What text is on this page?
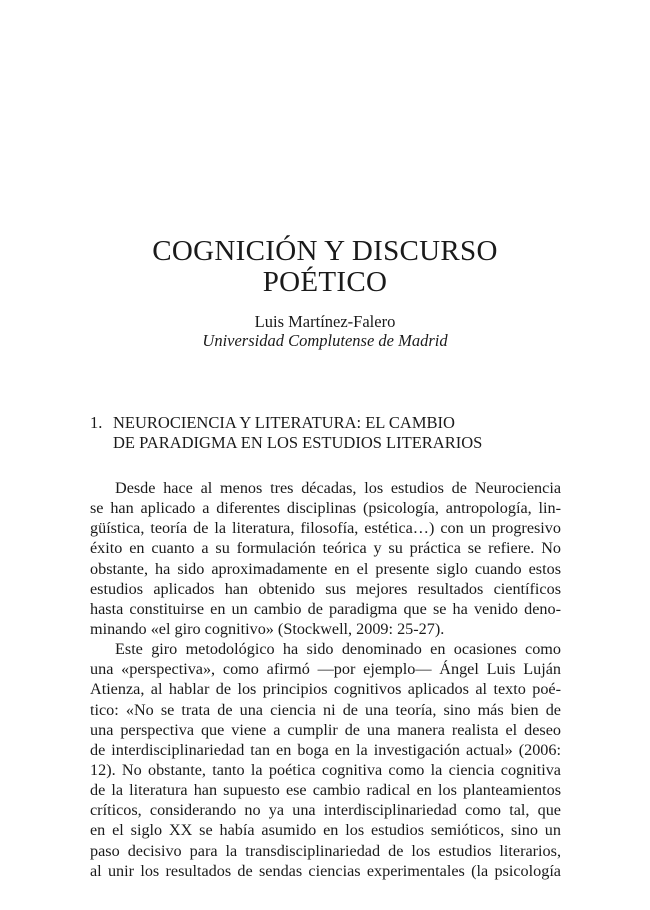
COGNICIÓN Y DISCURSO
POÉTICO

Luis Martínez-Falero

Universidad Complutense de Madrid

1. NEUROCIENCIA Y LITERATURA: EL CAMBIO
DE PARADIGMA EN LOS ESTUDIOS LITERARIOS
Desde hace al menos tres décadas, los estudios de Neurociencia
se han aplicado a diferentes disciplinas (psicología, antropología, lin-
güística, teoría de la literatura, filosofía, estética…) con un progresivo
éxito en cuanto a su formulación teórica y su práctica se refiere. No
obstante, ha sido aproximadamente en el presente siglo cuando estos
estudios aplicados han obtenido sus mejores resultados científicos
hasta constituirse en un cambio de paradigma que se ha venido deno-
minando «el giro cognitivo» (Stockwell, 2009: 25-27).
Este giro metodológico ha sido denominado en ocasiones como
una «perspectiva», como afirmó —por ejemplo— Ángel Luis Luján
Atienza, al hablar de los principios cognitivos aplicados al texto poé-
tico: «No se trata de una ciencia ni de una teoría, sino más bien de
una perspectiva que viene a cumplir de una manera realista el deseo
de interdisciplinariedad tan en boga en la investigación actual» (2006:
12). No obstante, tanto la poética cognitiva como la ciencia cognitiva
de la literatura han supuesto ese cambio radical en los planteamientos
críticos, considerando no ya una interdisciplinariedad como tal, que
en el siglo XX se había asumido en los estudios semióticos, sino un
paso decisivo para la transdisciplinariedad de los estudios literarios,
al unir los resultados de sendas ciencias experimentales (la psicología
